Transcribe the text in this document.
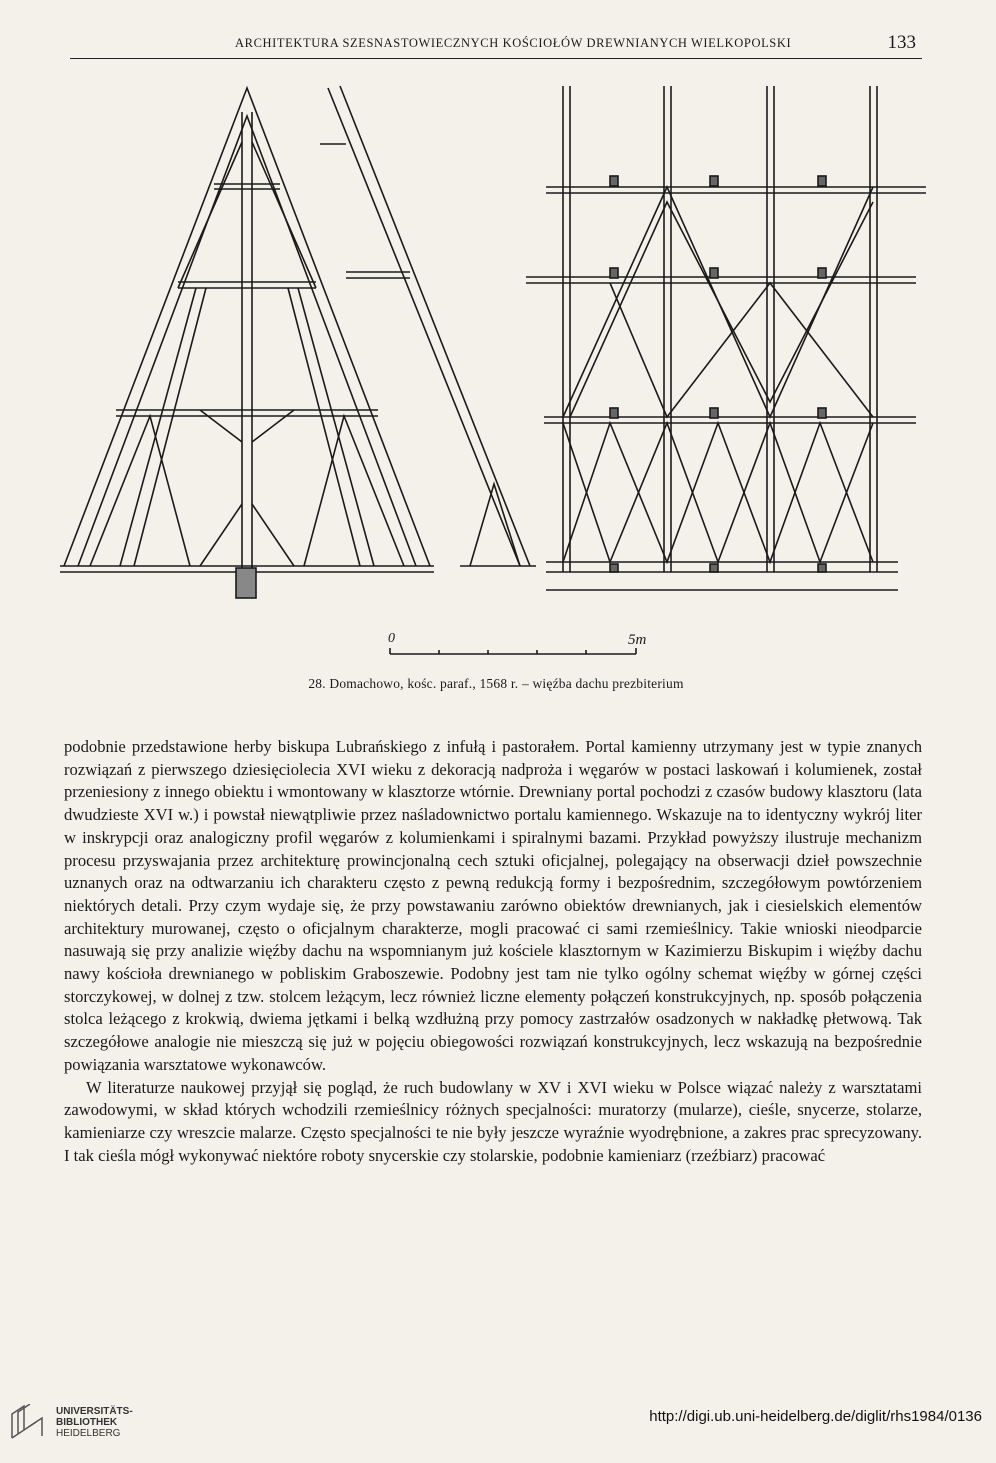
ARCHITEKTURA SZESNASTOWIECZNYCH KOŚCIOŁÓW DREWNIANYCH WIELKOPOLSKI	133
0	5m
28. Domachowo, kośc. paraf., 1568 r. – więźba dachu prezbiterium

podobnie przedstawione herby biskupa Lubrańskiego z infułą i pastorałem. Portal kamienny utrzymany jest w typie znanych rozwiązań z pierwszego dziesięciolecia XVI wieku z dekoracją nadproża i węgarów w postaci laskowań i kolumienek, został przeniesiony z innego obiektu i wmontowany w klasztorze wtórnie. Drewniany portal pochodzi z czasów budowy klasztoru (lata dwudzieste XVI w.) i powstał niewątpliwie przez naśladownictwo portalu kamiennego. Wskazuje na to identyczny wykrój liter w inskrypcji oraz analogiczny profil węgarów z kolumienkami i spiralnymi bazami. Przykład powyższy ilustruje mechanizm procesu przyswajania przez architekturę prowincjonalną cech sztuki oficjalnej, polegający na obserwacji dzieł powszechnie uznanych oraz na odtwarzaniu ich charakteru często z pewną redukcją formy i bezpośrednim, szczegółowym powtórzeniem niektórych detali. Przy czym wydaje się, że przy powstawaniu zarówno obiektów drewnianych, jak i ciesielskich elementów architektury murowanej, często o oficjalnym charakterze, mogli pracować ci sami rzemieślnicy. Takie wnioski nieodparcie nasuwają się przy analizie więźby dachu na wspomnianym już kościele klasztornym w Kazimierzu Biskupim i więźby dachu nawy kościoła drewnianego w pobliskim Graboszewie. Podobny jest tam nie tylko ogólny schemat więźby w górnej części storczykowej, w dolnej z tzw. stolcem leżącym, lecz również liczne elementy połączeń konstrukcyjnych, np. sposób połączenia stolca leżącego z krokwią, dwiema jętkami i belką wzdłużną przy pomocy zastrzałów osadzonych w nakładkę płetwową. Tak szczegółowe analogie nie mieszczą się już w pojęciu obiegowości rozwiązań konstrukcyjnych, lecz wskazują na bezpośrednie powiązania warsztatowe wykonawców.

W literaturze naukowej przyjął się pogląd, że ruch budowlany w XV i XVI wieku w Polsce wiązać należy z warsztatami zawodowymi, w skład których wchodzili rzemieślnicy różnych specjalności: muratorzy (mularze), cieśle, snycerze, stolarze, kamieniarze czy wreszcie malarze. Często specjalności te nie były jeszcze wyraźnie wyodrębnione, a zakres prac sprecyzowany. I tak cieśla mógł wykonywać niektóre roboty snycerskie czy stolarskie, podobnie kamieniarz (rzeźbiarz) pracować

UNIVERSITÄTS-
BIBLIOTHEK
HEIDELBERG
http://digi.ub.uni-heidelberg.de/diglit/rhs1984/0136
